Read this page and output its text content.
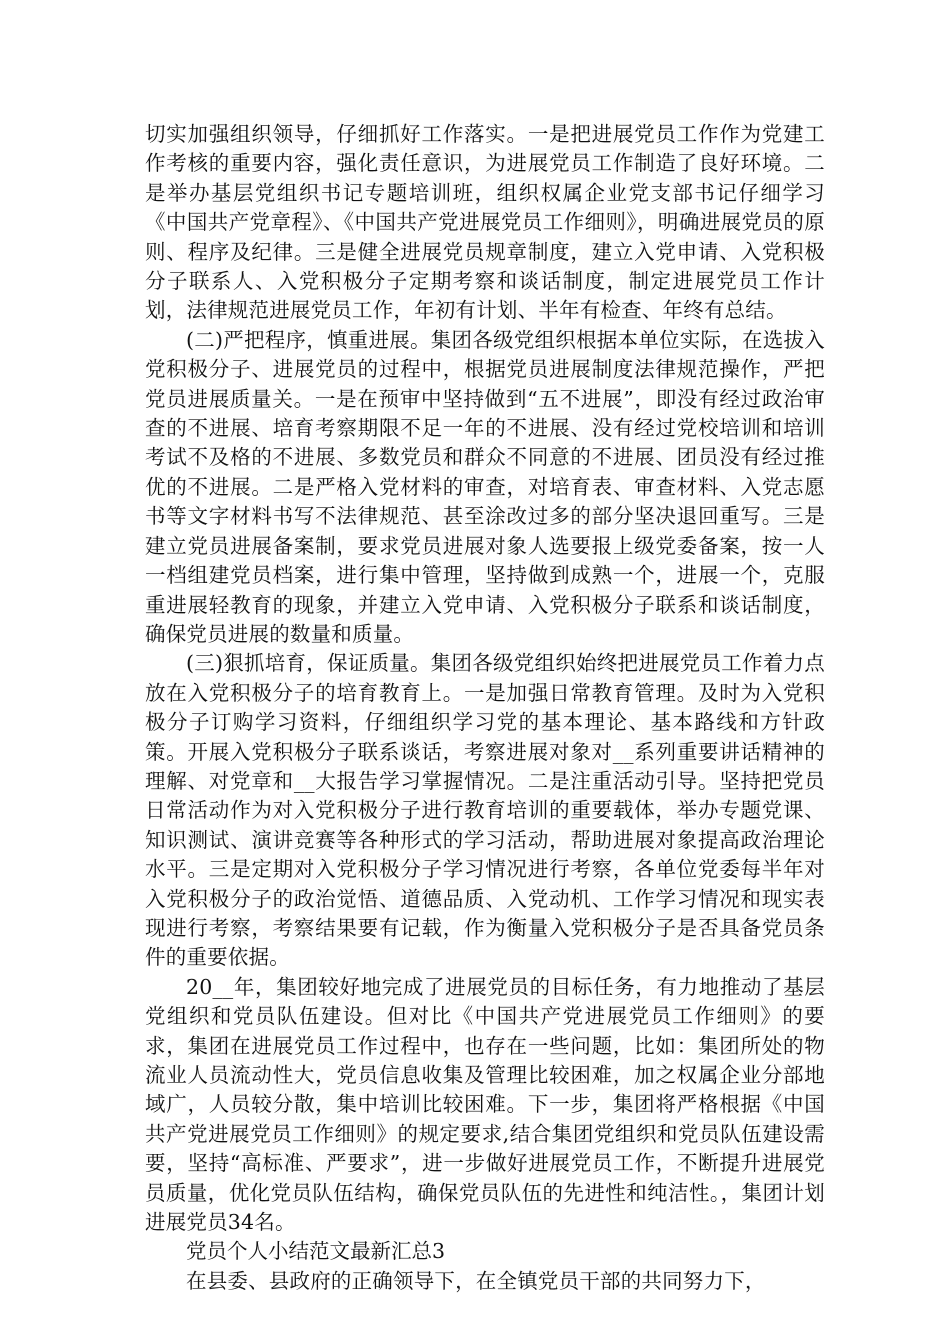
切实加强组织领导，仔细抓好工作落实。一是把进展党员工作作为党建工作考核的重要内容，强化责任意识，为进展党员工作制造了良好环境。二是举办基层党组织书记专题培训班，组织权属企业党支部书记仔细学习《中国共产党章程》、《中国共产党进展党员工作细则》，明确进展党员的原则、程序及纪律。三是健全进展党员规章制度，建立入党申请、入党积极分子联系人、入党积极分子定期考察和谈话制度，制定进展党员工作计划，法律规范进展党员工作，年初有计划、半年有检查、年终有总结。

(二)严把程序，慎重进展。集团各级党组织根据本单位实际，在选拔入党积极分子、进展党员的过程中，根据党员进展制度法律规范操作，严把党员进展质量关。一是在预审中坚持做到“五不进展”，即没有经过政治审查的不进展、培育考察期限不足一年的不进展、没有经过党校培训和培训考试不及格的不进展、多数党员和群众不同意的不进展、团员没有经过推优的不进展。二是严格入党材料的审查，对培育表、审查材料、入党志愿书等文字材料书写不法律规范、甚至涂改过多的部分坚决退回重写。三是建立党员进展备案制，要求党员进展对象人选要报上级党委备案，按一人一档组建党员档案，进行集中管理，坚持做到成熟一个，进展一个，克服重进展轻教育的现象，并建立入党申请、入党积极分子联系和谈话制度，确保党员进展的数量和质量。

(三)狠抓培育，保证质量。集团各级党组织始终把进展党员工作着力点放在入党积极分子的培育教育上。一是加强日常教育管理。及时为入党积极分子订购学习资料，仔细组织学习党的基本理论、基本路线和方针政策。开展入党积极分子联系谈话，考察进展对象对__系列重要讲话精神的理解、对党章和__大报告学习掌握情况。二是注重活动引导。坚持把党员日常活动作为对入党积极分子进行教育培训的重要载体，举办专题党课、知识测试、演讲竞赛等各种形式的学习活动，帮助进展对象提高政治理论水平。三是定期对入党积极分子学习情况进行考察，各单位党委每半年对入党积极分子的政治觉悟、道德品质、入党动机、工作学习情况和现实表现进行考察，考察结果要有记载，作为衡量入党积极分子是否具备党员条件的重要依据。

20__年，集团较好地完成了进展党员的目标任务，有力地推动了基层党组织和党员队伍建设。但对比《中国共产党进展党员工作细则》的要求，集团在进展党员工作过程中，也存在一些问题，比如：集团所处的物流业人员流动性大，党员信息收集及管理比较困难，加之权属企业分部地域广，人员较分散，集中培训比较困难。下一步，集团将严格根据《中国共产党进展党员工作细则》的规定要求,结合集团党组织和党员队伍建设需要，坚持“高标准、严要求”，进一步做好进展党员工作，不断提升进展党员质量，优化党员队伍结构，确保党员队伍的先进性和纯洁性。，集团计划进展党员34名。

党员个人小结范文最新汇总3

在县委、县政府的正确领导下，在全镇党员干部的共同努力下，
